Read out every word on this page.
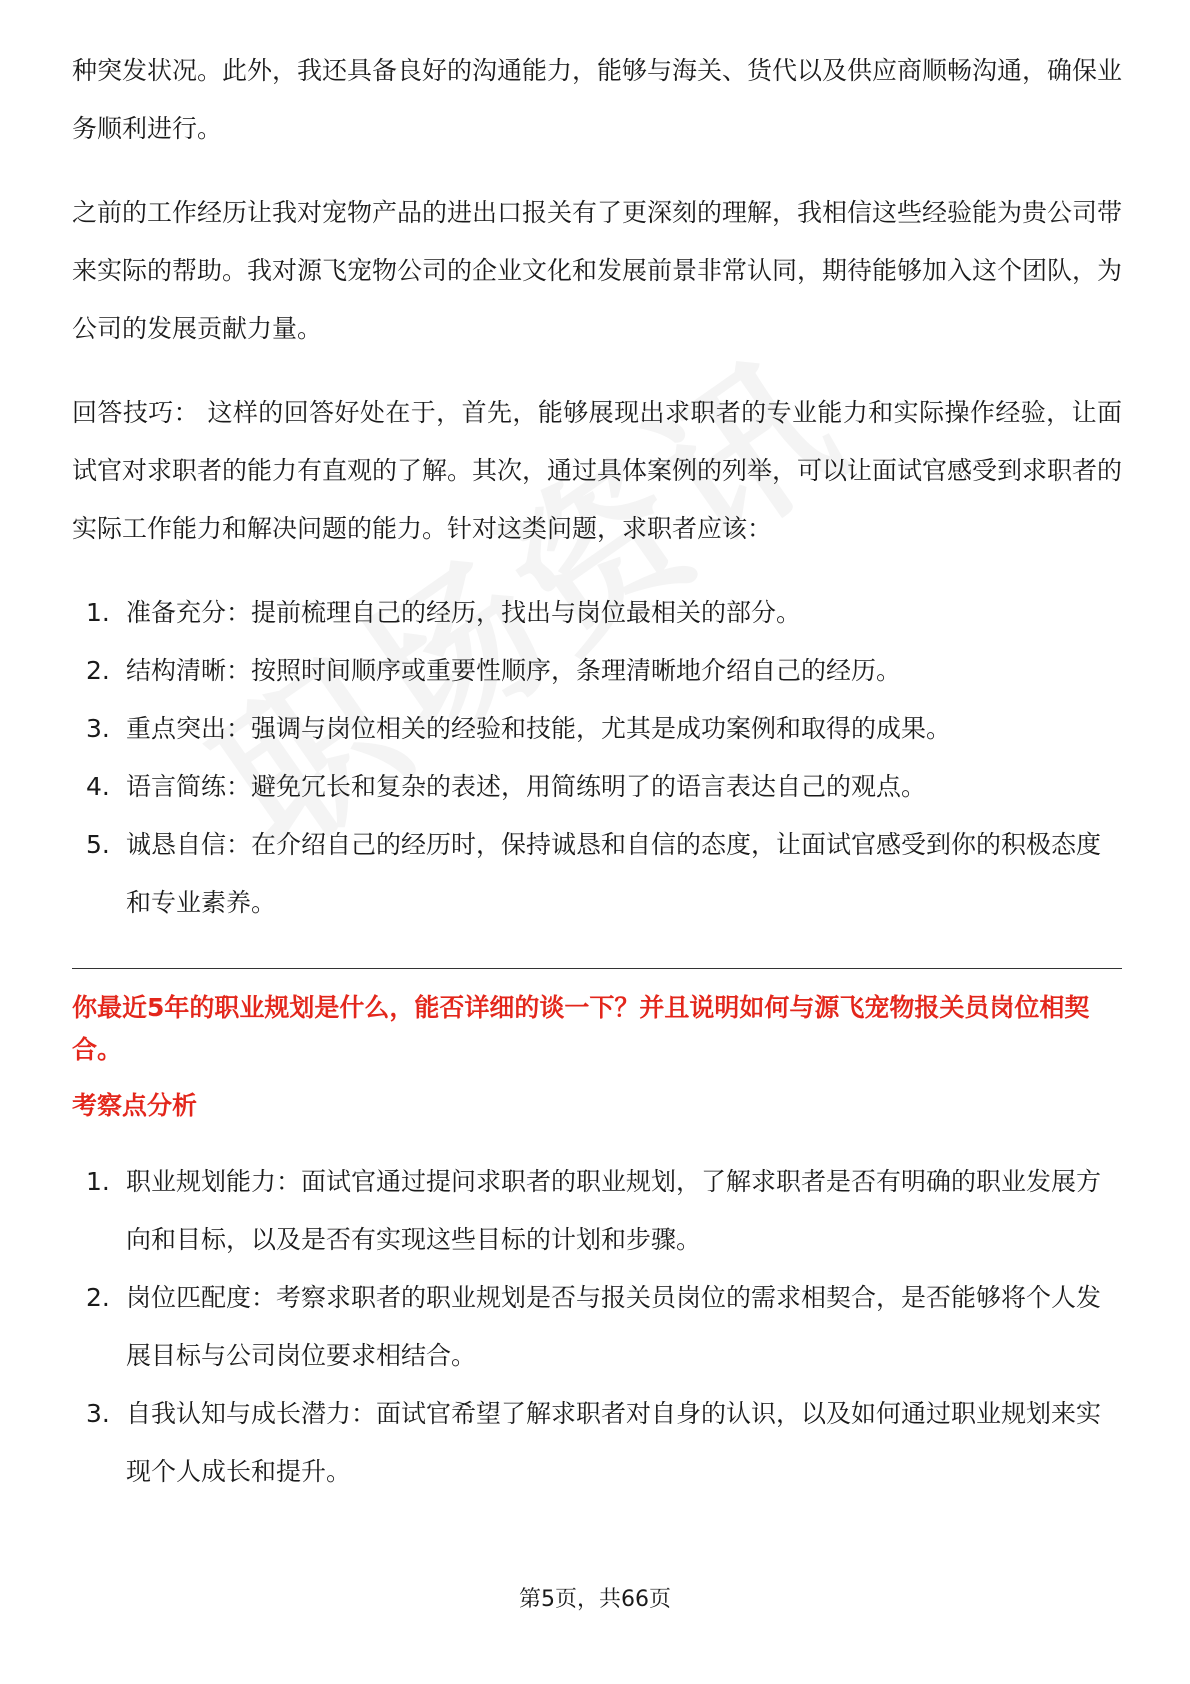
种突发状况。此外，我还具备良好的沟通能力，能够与海关、货代以及供应商顺畅沟通，确保业务顺利进行。

之前的工作经历让我对宠物产品的进出口报关有了更深刻的理解，我相信这些经验能为贵公司带来实际的帮助。我对源飞宠物公司的企业文化和发展前景非常认同，期待能够加入这个团队，为公司的发展贡献力量。

回答技巧： 这样的回答好处在于，首先，能够展现出求职者的专业能力和实际操作经验，让面试官对求职者的能力有直观的了解。其次，通过具体案例的列举，可以让面试官感受到求职者的实际工作能力和解决问题的能力。针对这类问题，求职者应该：

1. 准备充分：提前梳理自己的经历，找出与岗位最相关的部分。
2. 结构清晰：按照时间顺序或重要性顺序，条理清晰地介绍自己的经历。
3. 重点突出：强调与岗位相关的经验和技能，尤其是成功案例和取得的成果。
4. 语言简练：避免冗长和复杂的表述，用简练明了的语言表达自己的观点。
5. 诚恳自信：在介绍自己的经历时，保持诚恳和自信的态度，让面试官感受到你的积极态度和专业素养。
你最近5年的职业规划是什么，能否详细的谈一下？并且说明如何与源飞宠物报关员岗位相契合。
考察点分析
1. 职业规划能力：面试官通过提问求职者的职业规划，了解求职者是否有明确的职业发展方向和目标，以及是否有实现这些目标的计划和步骤。
2. 岗位匹配度：考察求职者的职业规划是否与报关员岗位的需求相契合，是否能够将个人发展目标与公司岗位要求相结合。
3. 自我认知与成长潜力：面试官希望了解求职者对自身的认识，以及如何通过职业规划来实现个人成长和提升。
第5页，共66页
